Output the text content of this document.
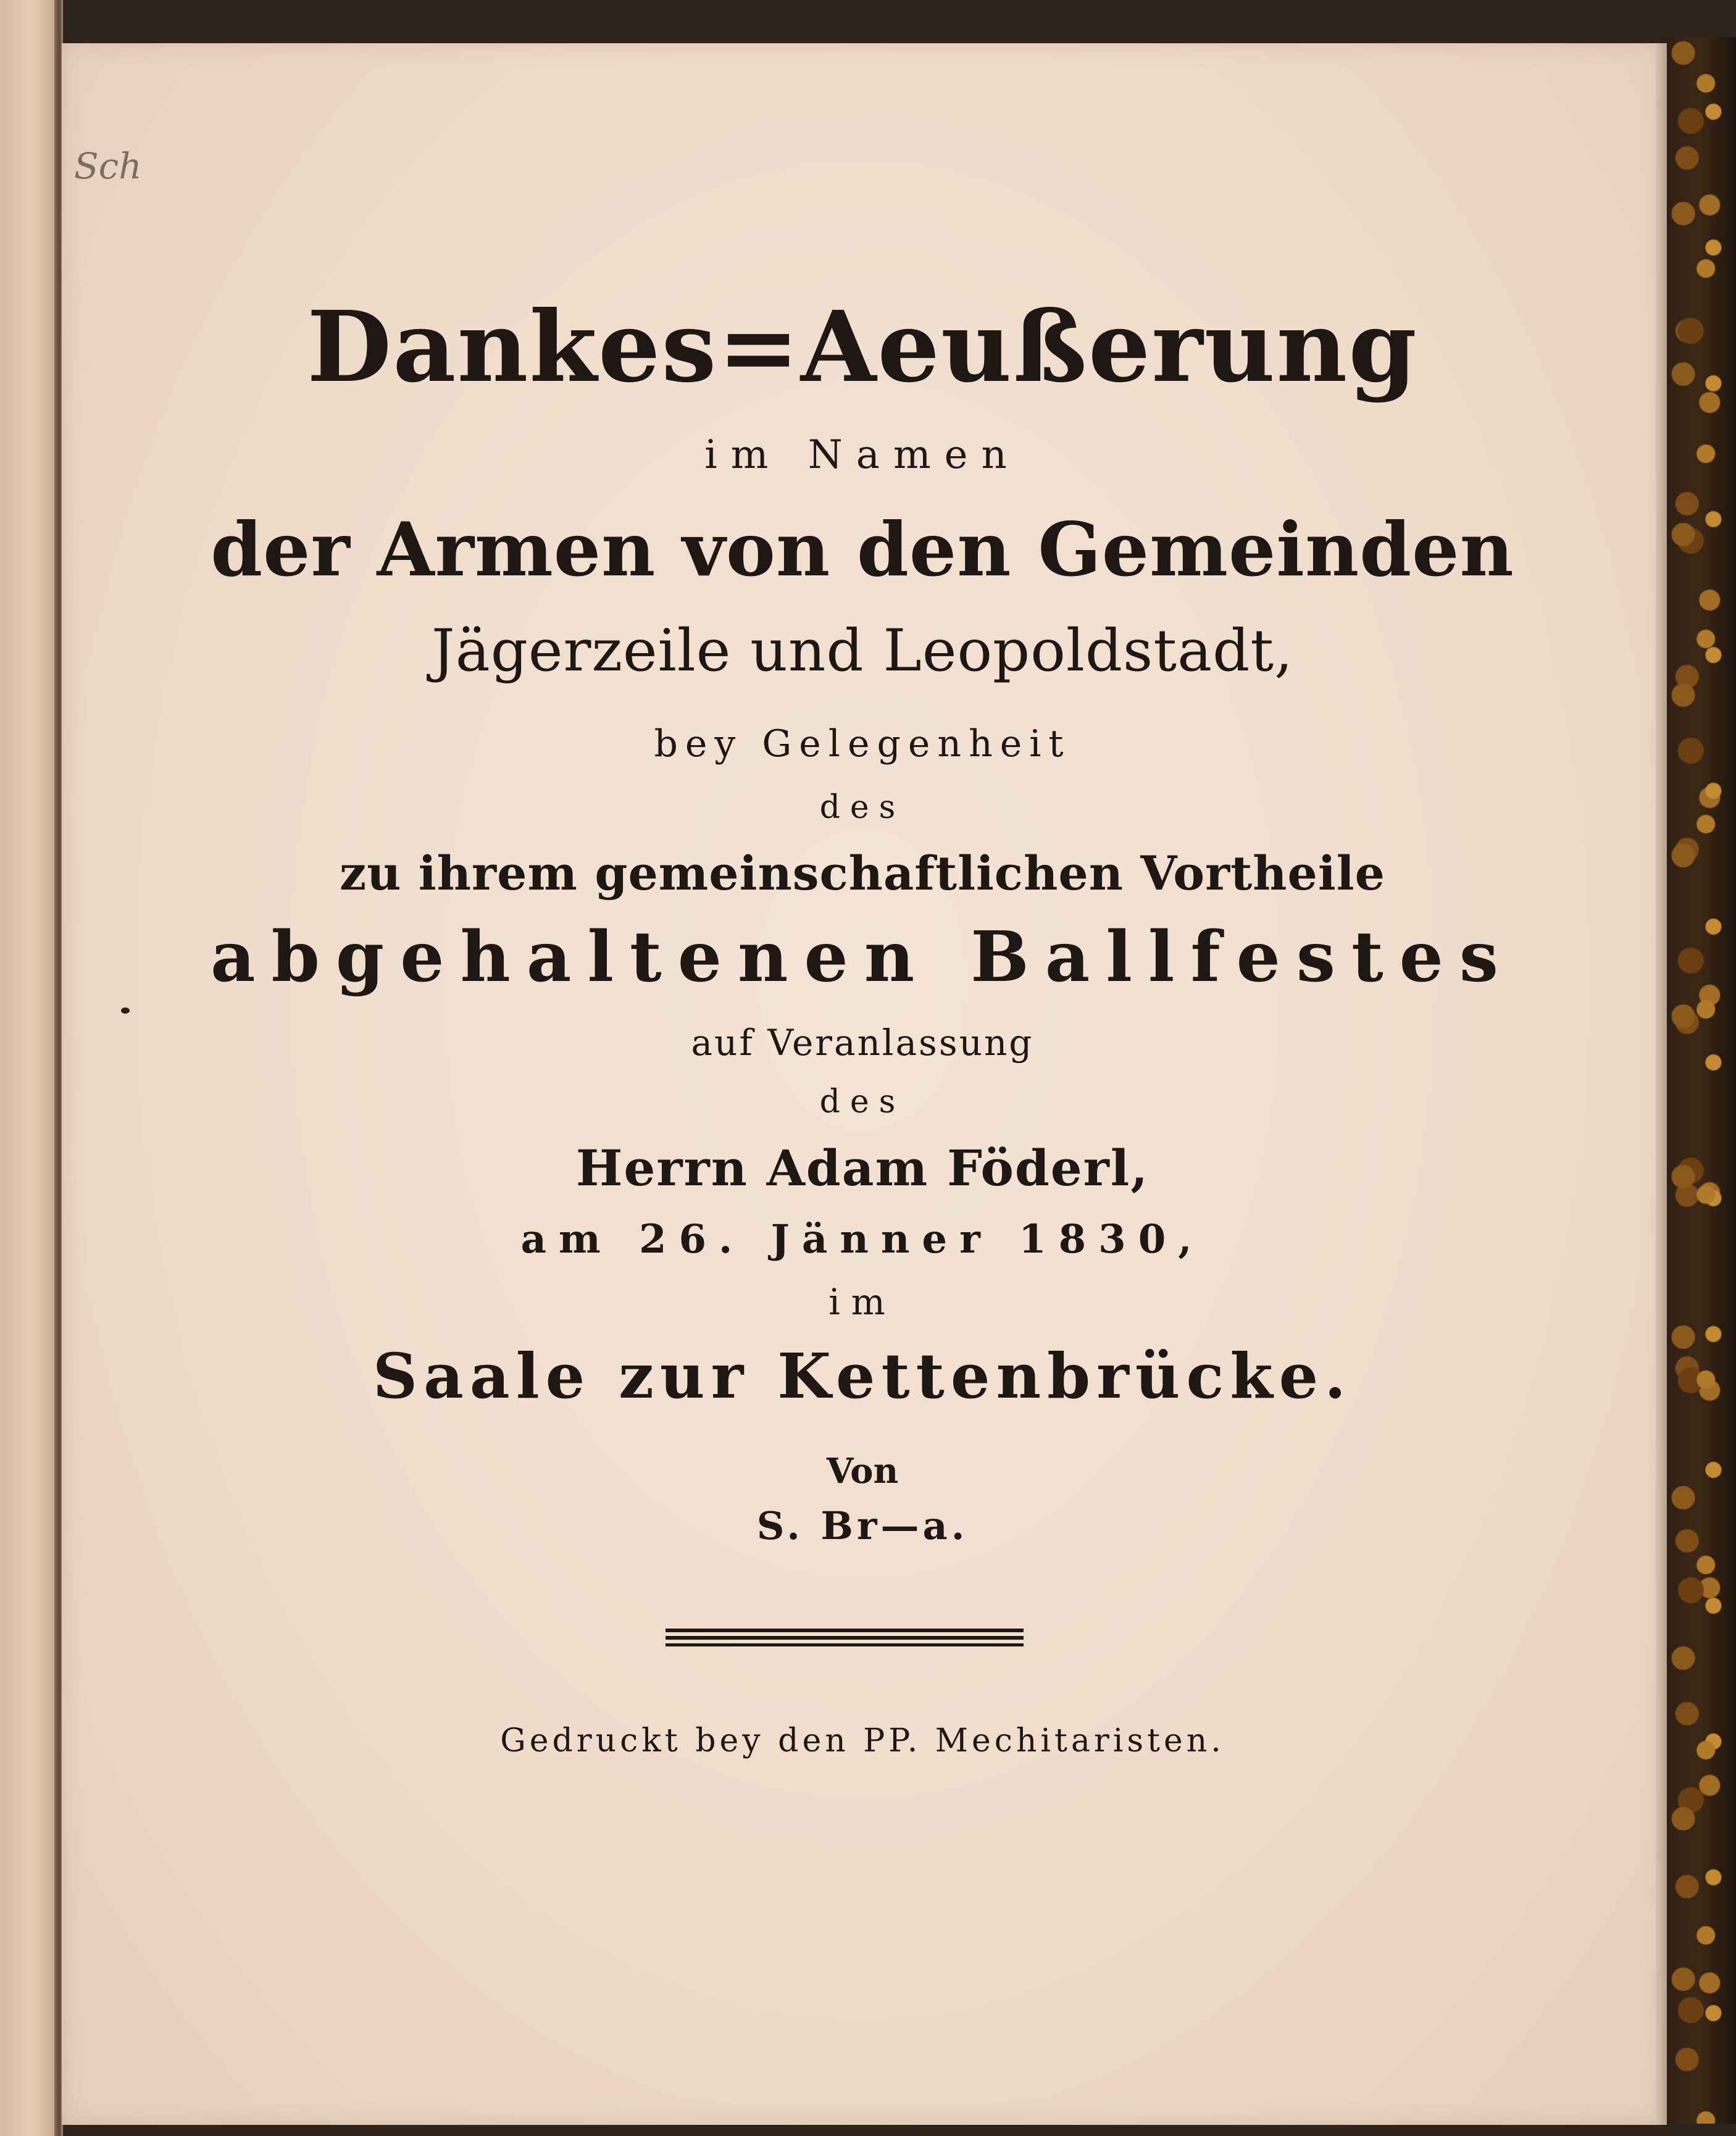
Sch
Dankes=Aeußerung
im Namen
der Armen von den Gemeinden
Jägerzeile und Leopoldstadt,
bey Gelegenheit
des
zu ihrem gemeinschaftlichen Vortheile
abgehaltenen Ballfestes
auf Veranlassung
des
Herrn Adam Föderl,
am 26. Jänner 1830,
im
Saale zur Kettenbrücke.
Von
S. Br—a.
Gedruckt bey den PP. Mechitaristen.
